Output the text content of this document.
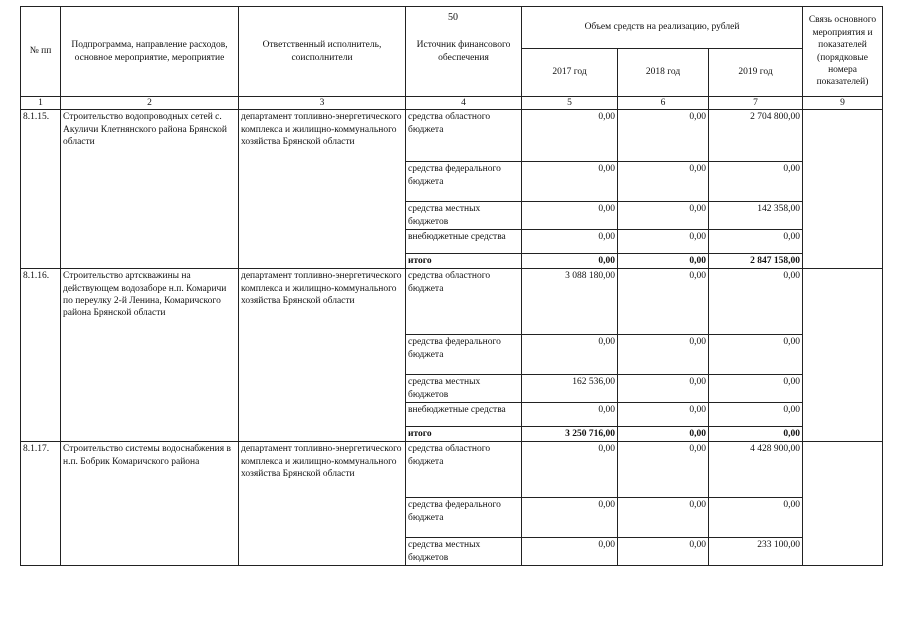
50
№ пп	Подпрограмма, направление расходов, основное мероприятие, мероприятие	Ответственный исполнитель, соисполнители	Источник финансового обеспечения	Объем средств на реализацию, рублей			Связь основного мероприятия и показателей (порядковые номера показателей)
				2017 год	2018 год	2019 год	
1	2	3	4	5	6	7	9
8.1.15.	Строительство водопроводных сетей с. Акуличи Клетнянского района Брянской области	департамент топливно-энергетического комплекса и жилищно-коммунального хозяйства Брянской области	средства областного бюджета	0,00	0,00	2 704 800,00	
			средства федерального бюджета	0,00	0,00	0,00	
			средства местных бюджетов	0,00	0,00	142 358,00	
			внебюджетные средства	0,00	0,00	0,00	
			итого	0,00	0,00	2 847 158,00	
8.1.16.	Строительство артскважины на действующем водозаборе н.п. Комаричи по переулку 2-й Ленина, Комаричского района Брянской области	департамент топливно-энергетического комплекса и жилищно-коммунального хозяйства Брянской области	средства областного бюджета	3 088 180,00	0,00	0,00	
			средства федерального бюджета	0,00	0,00	0,00	
			средства местных бюджетов	162 536,00	0,00	0,00	
			внебюджетные средства	0,00	0,00	0,00	
			итого	3 250 716,00	0,00	0,00	
8.1.17.	Строительство системы водоснабжения в н.п. Бобрик Комаричского района	департамент топливно-энергетического комплекса и жилищно-коммунального хозяйства Брянской области	средства областного бюджета	0,00	0,00	4 428 900,00	
			средства федерального бюджета	0,00	0,00	0,00	
			средства местных бюджетов	0,00	0,00	233 100,00	
